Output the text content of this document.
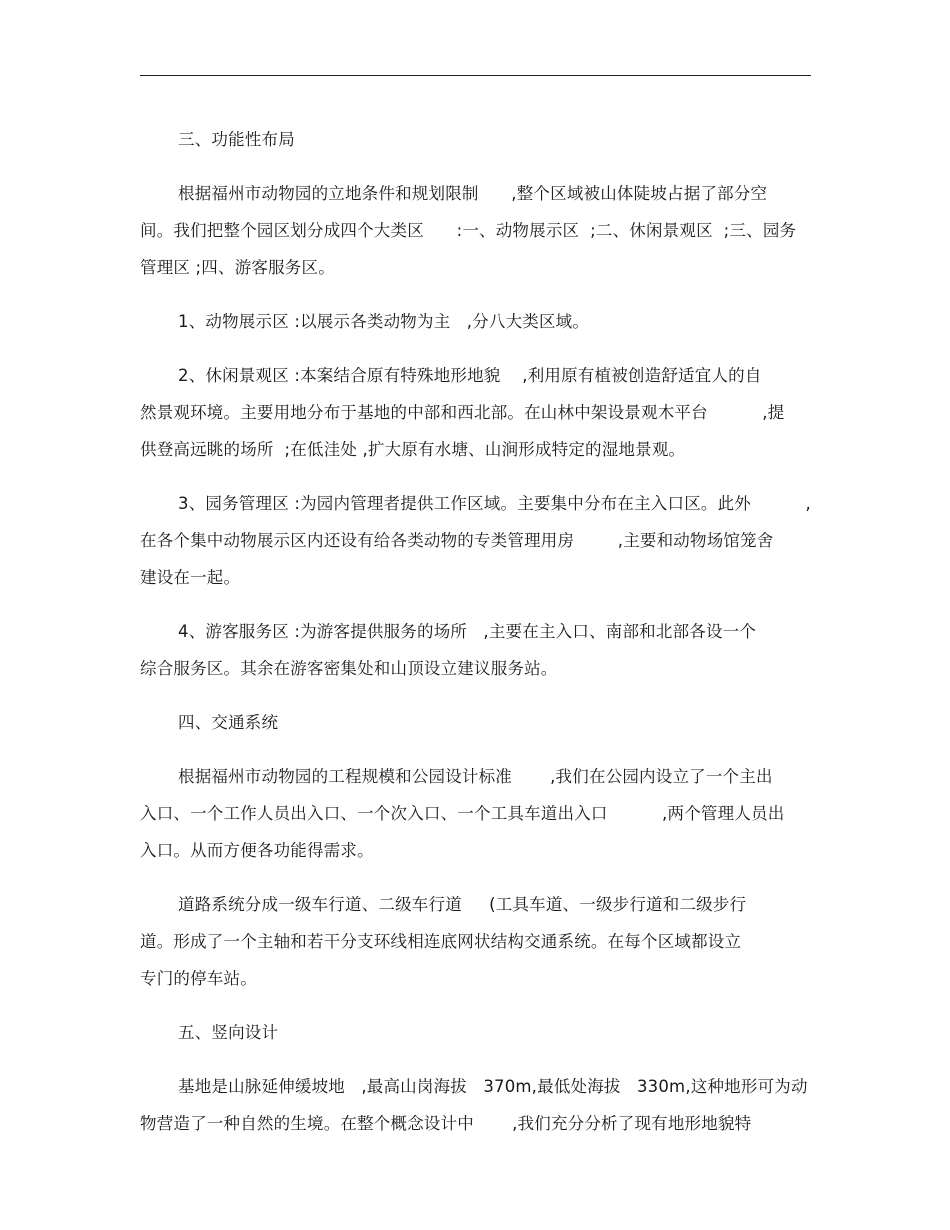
三、功能性布局
根据福州市动物园的立地条件和规划限制      ,整个区域被山体陡坡占据了部分空
间。我们把整个园区划分成四个大类区      :一、动物展示区  ;二、休闲景观区  ;三、园务
管理区 ;四、游客服务区。
1、动物展示区 :以展示各类动物为主   ,分八大类区域。
2、休闲景观区 :本案结合原有特殊地形地貌    ,利用原有植被创造舒适宜人的自
然景观环境。主要用地分布于基地的中部和西北部。在山林中架设景观木平台          ,提
供登高远眺的场所  ;在低洼处 ,扩大原有水塘、山涧形成特定的湿地景观。
3、园务管理区 :为园内管理者提供工作区域。主要集中分布在主入口区。此外          ,
在各个集中动物展示区内还设有给各类动物的专类管理用房        ,主要和动物场馆笼舍
建设在一起。
4、游客服务区 :为游客提供服务的场所   ,主要在主入口、南部和北部各设一个
综合服务区。其余在游客密集处和山顶设立建议服务站。
四、交通系统
根据福州市动物园的工程规模和公园设计标准       ,我们在公园内设立了一个主出
入口、一个工作人员出入口、一个次入口、一个工具车道出入口          ,两个管理人员出
入口。从而方便各功能得需求。
道路系统分成一级车行道、二级车行道     (工具车道、一级步行道和二级步行
道。形成了一个主轴和若干分支环线相连底网状结构交通系统。在每个区域都设立
专门的停车站。
五、竖向设计
基地是山脉延伸缓坡地   ,最高山岗海拔   370m,最低处海拔   330m,这种地形可为动
物营造了一种自然的生境。在整个概念设计中       ,我们充分分析了现有地形地貌特
